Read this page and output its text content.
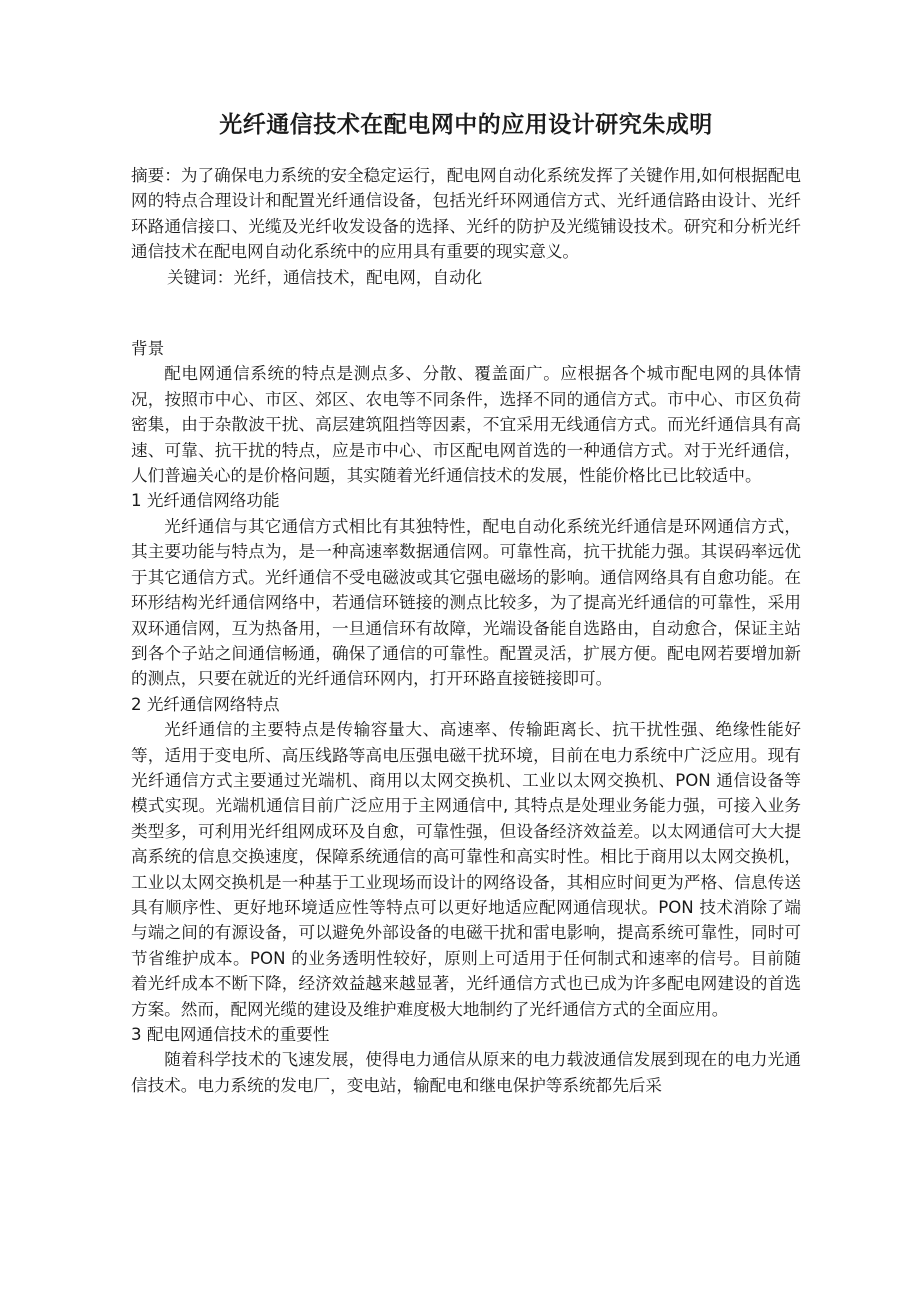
光纤通信技术在配电网中的应用设计研究朱成明

摘要：为了确保电力系统的安全稳定运行，配电网自动化系统发挥了关键作用,如何根据配电网的特点合理设计和配置光纤通信设备，包括光纤环网通信方式、光纤通信路由设计、光纤环路通信接口、光缆及光纤收发设备的选择、光纤的防护及光缆铺设技术。研究和分析光纤通信技术在配电网自动化系统中的应用具有重要的现实意义。

关键词：光纤，通信技术，配电网，自动化

背景

配电网通信系统的特点是测点多、分散、覆盖面广。应根据各个城市配电网的具体情况，按照市中心、市区、郊区、农电等不同条件，选择不同的通信方式。市中心、市区负荷密集，由于杂散波干扰、高层建筑阻挡等因素，不宜采用无线通信方式。而光纤通信具有高速、可靠、抗干扰的特点，应是市中心、市区配电网首选的一种通信方式。对于光纤通信，人们普遍关心的是价格问题，其实随着光纤通信技术的发展，性能价格比已比较适中。

1 光纤通信网络功能

光纤通信与其它通信方式相比有其独特性，配电自动化系统光纤通信是环网通信方式，其主要功能与特点为，是一种高速率数据通信网。可靠性高，抗干扰能力强。其误码率远优于其它通信方式。光纤通信不受电磁波或其它强电磁场的影响。通信网络具有自愈功能。在环形结构光纤通信网络中，若通信环链接的测点比较多，为了提高光纤通信的可靠性，采用双环通信网，互为热备用，一旦通信环有故障，光端设备能自选路由，自动愈合，保证主站到各个子站之间通信畅通，确保了通信的可靠性。配置灵活，扩展方便。配电网若要增加新的测点，只要在就近的光纤通信环网内，打开环路直接链接即可。

2 光纤通信网络特点

光纤通信的主要特点是传输容量大、高速率、传输距离长、抗干扰性强、绝缘性能好等，适用于变电所、高压线路等高电压强电磁干扰环境，目前在电力系统中广泛应用。现有光纤通信方式主要通过光端机、商用以太网交换机、工业以太网交换机、PON 通信设备等模式实现。光端机通信目前广泛应用于主网通信中, 其特点是处理业务能力强，可接入业务类型多，可利用光纤组网成环及自愈，可靠性强，但设备经济效益差。以太网通信可大大提高系统的信息交换速度，保障系统通信的高可靠性和高实时性。相比于商用以太网交换机，工业以太网交换机是一种基于工业现场而设计的网络设备，其相应时间更为严格、信息传送具有顺序性、更好地环境适应性等特点可以更好地适应配网通信现状。PON 技术消除了端与端之间的有源设备，可以避免外部设备的电磁干扰和雷电影响，提高系统可靠性，同时可节省维护成本。PON 的业务透明性较好，原则上可适用于任何制式和速率的信号。目前随着光纤成本不断下降，经济效益越来越显著，光纤通信方式也已成为许多配电网建设的首选方案。然而，配网光缆的建设及维护难度极大地制约了光纤通信方式的全面应用。

3 配电网通信技术的重要性

随着科学技术的飞速发展，使得电力通信从原来的电力载波通信发展到现在的电力光通信技术。电力系统的发电厂，变电站，输配电和继电保护等系统都先后采
